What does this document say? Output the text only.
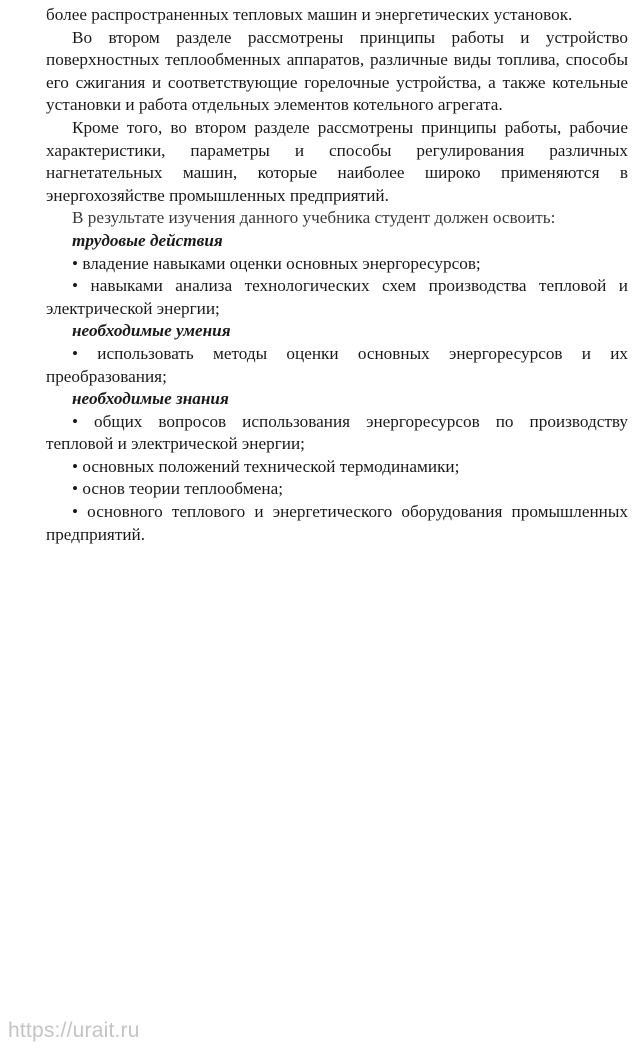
более распространенных тепловых машин и энергетических установок.

Во втором разделе рассмотрены принципы работы и устройство поверхностных теплообменных аппаратов, различные виды топлива, способы его сжигания и соответствующие горелочные устройства, а также котельные установки и работа отдельных элементов котельного агрегата.

Кроме того, во втором разделе рассмотрены принципы работы, рабочие характеристики, параметры и способы регулирования различных нагнетательных машин, которые наиболее широко применяются в энергохозяйстве промышленных предприятий.

В результате изучения данного учебника студент должен освоить:

трудовые действия

• владение навыками оценки основных энергоресурсов;

• навыками анализа технологических схем производства тепловой и электрической энергии;

необходимые умения

• использовать методы оценки основных энергоресурсов и их преобразования;

необходимые знания

• общих вопросов использования энергоресурсов по производству тепловой и электрической энергии;

• основных положений технической термодинамики;

• основ теории теплообмена;

• основного теплового и энергетического оборудования промышленных предприятий.

https://urait.ru
